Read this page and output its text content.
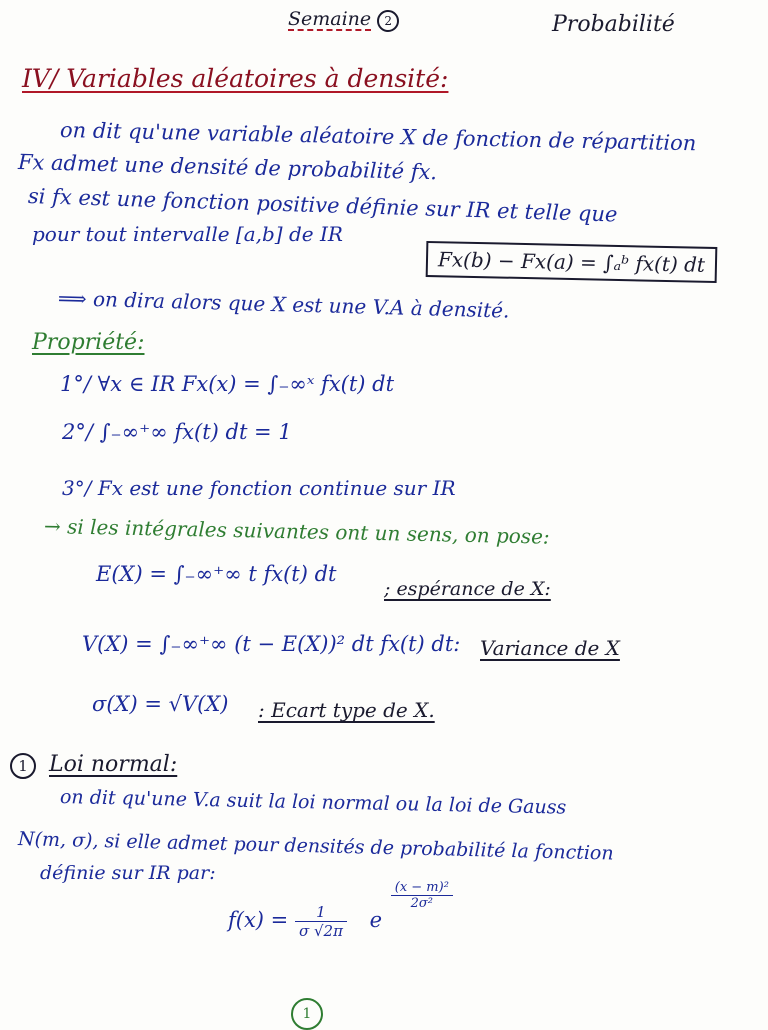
Semaine 2	Probabilité
IV/ Variables aléatoires à densité:
on dit qu'une variable aléatoire X de fonction de répartition
Fx admet une densité de probabilité fx.
si fx est une fonction positive définie sur IR et telle que
pour tout intervalle [a,b] de IR
Fx(b) − Fx(a) = ∫ₐᵇ fx(t) dt
⟹ on dira alors que X est une V.A à densité.
Propriété:
1°/ ∀x ∈ IR Fx(x) = ∫₋∞ˣ fx(t) dt
2°/ ∫₋∞⁺∞ fx(t) dt = 1
3°/ Fx est une fonction continue sur IR
→ si les intégrales suivantes ont un sens, on pose:
E(X) = ∫₋∞⁺∞ t fx(t) dt
; espérance de X:
V(X) = ∫₋∞⁺∞ (t − E(X))² dt fx(t) dt: Variance de X
σ(X) = √V(X) : Ecart type de X.
1 Loi normal:
on dit qu'une V.a suit la loi normal ou la loi de Gauss
N(m, σ), si elle admet pour densités de probabilité la fonction
définie sur IR par:
$f(x) = \frac{1}{\sigma √2\pi}$ e
$\frac{\text{(x − m)²}}{\text{2σ²}}$
1
